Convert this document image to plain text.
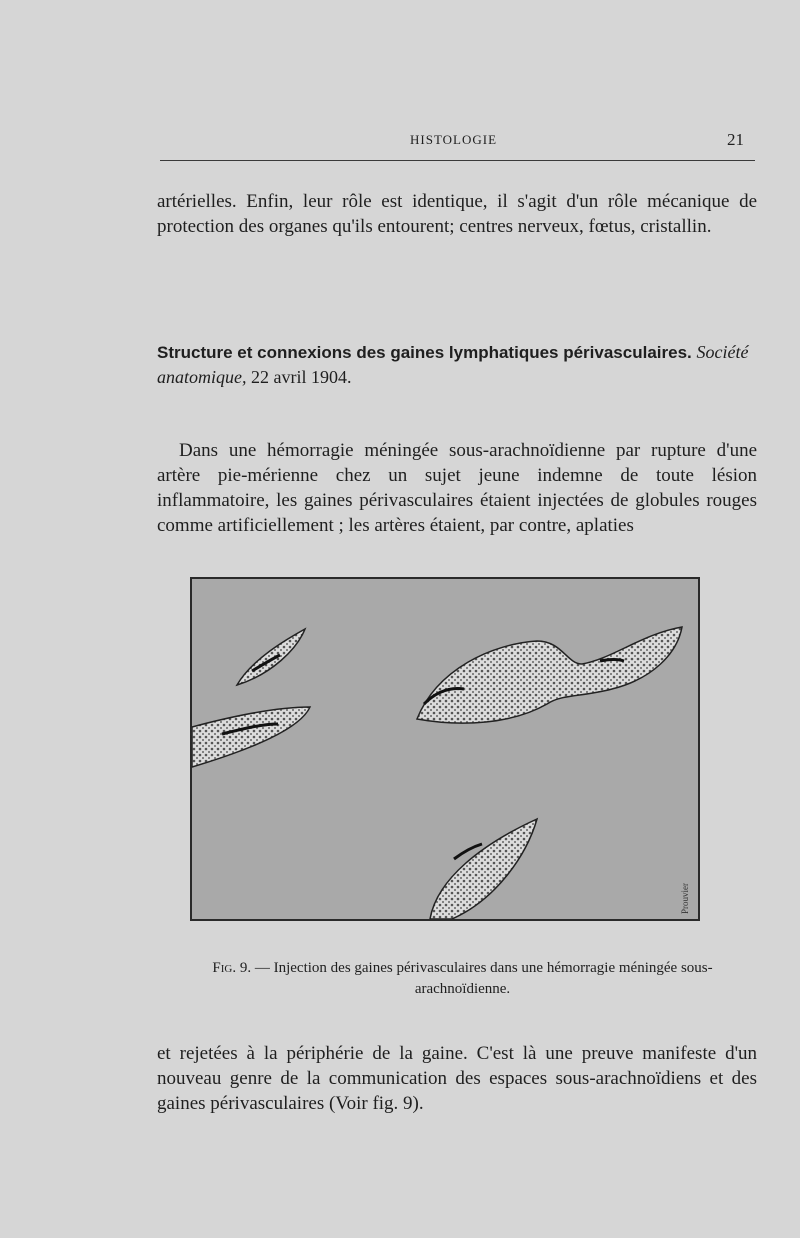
HISTOLOGIE	21

artérielles. Enfin, leur rôle est identique, il s'agit d'un rôle mécanique de protection des organes qu'ils entourent; centres nerveux, fœtus, cristallin.

Structure et connexions des gaines lymphatiques périvasculaires. Société anatomique, 22 avril 1904.

Dans une hémorragie méningée sous-arachnoïdienne par rupture d'une artère pie-mérienne chez un sujet jeune indemne de toute lésion inflammatoire, les gaines périvasculaires étaient injectées de globules rouges comme artificiellement ; les artères étaient, par contre, aplaties

Prouvier
Fig. 9. — Injection des gaines périvasculaires dans une hémorragie méningée sous-arachnoïdienne.

et rejetées à la périphérie de la gaine. C'est là une preuve manifeste d'un nouveau genre de la communication des espaces sous-arachnoïdiens et des gaines périvasculaires (Voir fig. 9).
